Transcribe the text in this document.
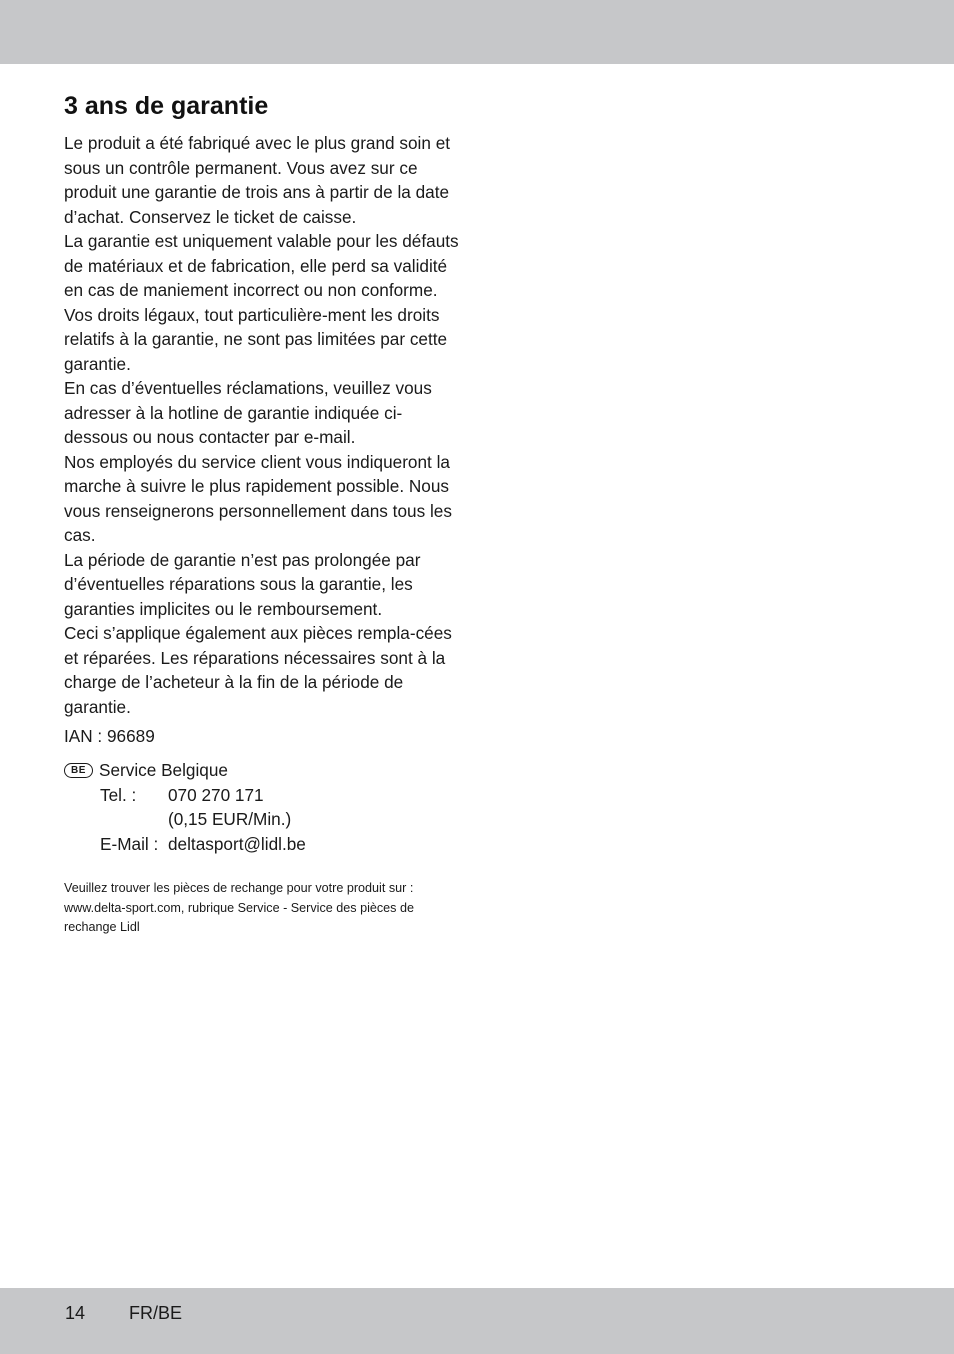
3 ans de garantie

Le produit a été fabriqué avec le plus grand soin et sous un contrôle permanent. Vous avez sur ce produit une garantie de trois ans à partir de la date d’achat. Conservez le ticket de caisse.

La garantie est uniquement valable pour les défauts de matériaux et de fabrication, elle perd sa validité en cas de maniement incorrect ou non conforme. Vos droits légaux, tout particulière-ment les droits relatifs à la garantie, ne sont pas limitées par cette garantie.

En cas d’éventuelles réclamations, veuillez vous adresser à la hotline de garantie indiquée ci-dessous ou nous contacter par e-mail.

Nos employés du service client vous indiqueront la marche à suivre le plus rapidement possible. Nous vous renseignerons personnellement dans tous les cas.

La période de garantie n’est pas prolongée par d’éventuelles réparations sous la garantie, les garanties implicites ou le remboursement.

Ceci s’applique également aux pièces rempla-cées et réparées. Les réparations nécessaires sont à la charge de l’acheteur à la fin de la période de garantie.

IAN : 96689
BE Service Belgique
Tel. :	070 270 171
(0,15 EUR/Min.)
E-Mail : deltasport@lidl.be
Veuillez trouver les pièces de rechange pour votre produit sur : www.delta-sport.com, rubrique Service - Service des pièces de rechange Lidl
14 FR/BE
